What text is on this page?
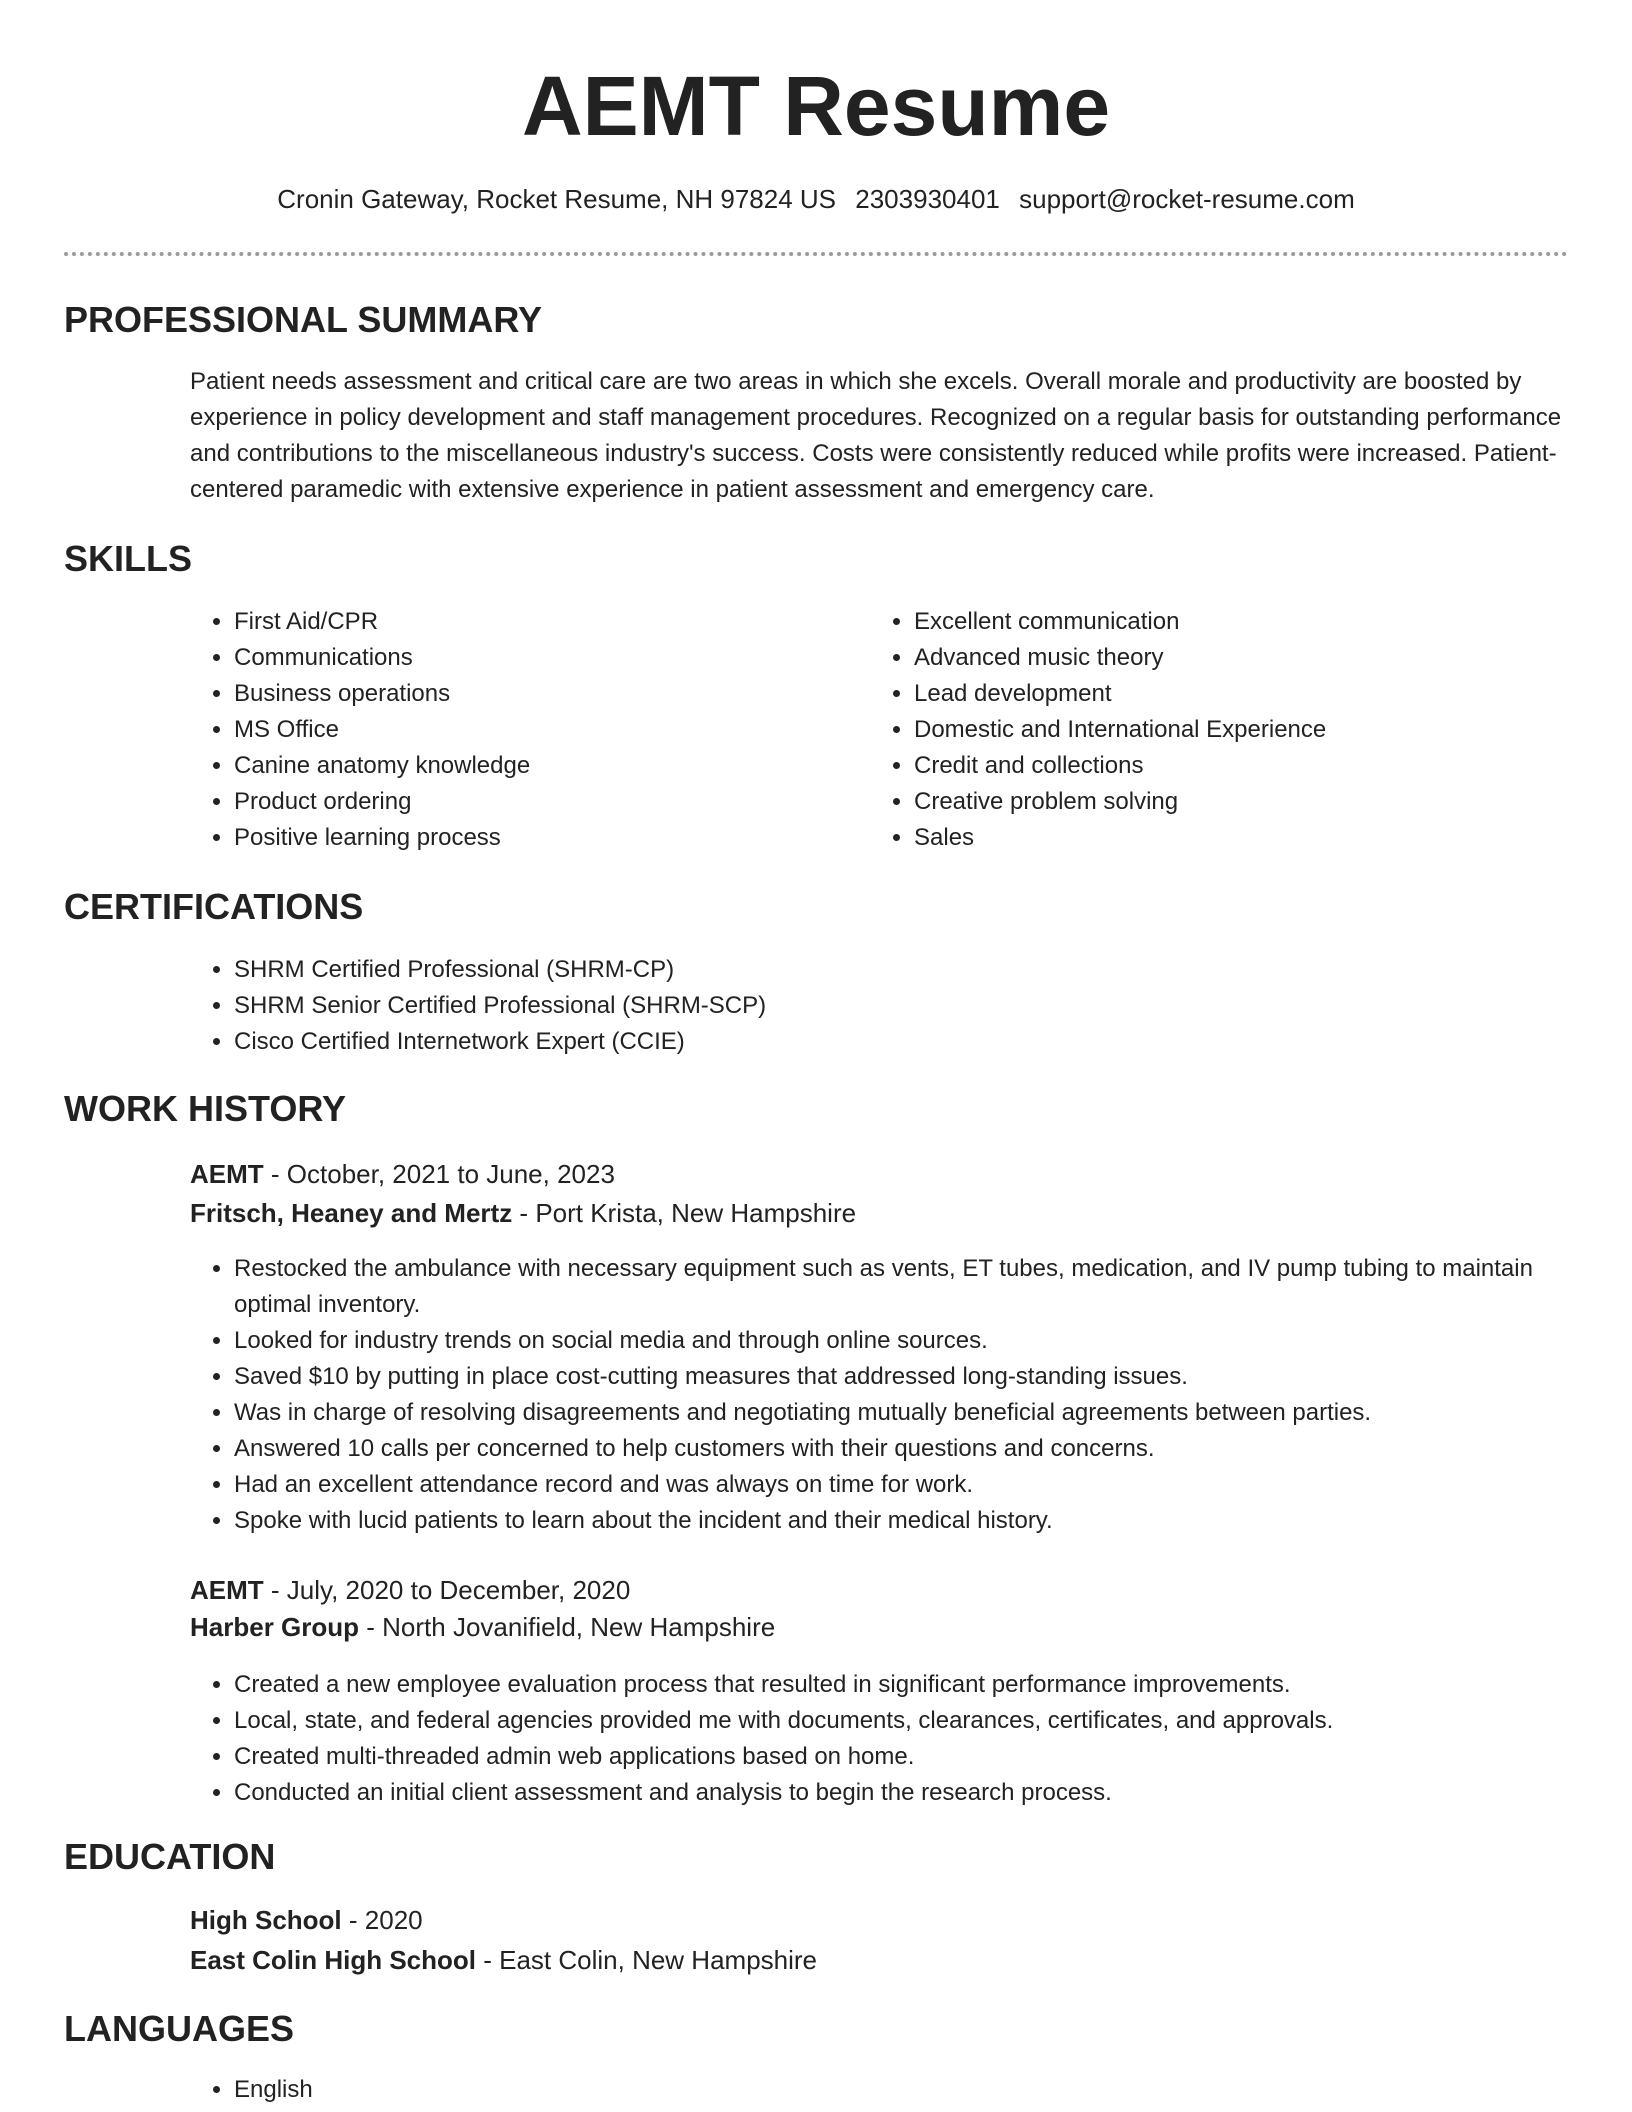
AEMT Resume
Cronin Gateway, Rocket Resume, NH 97824 US 2303930401 support@rocket-resume.com
PROFESSIONAL SUMMARY

Patient needs assessment and critical care are two areas in which she excels. Overall morale and productivity are boosted by experience in policy development and staff management procedures. Recognized on a regular basis for outstanding performance and contributions to the miscellaneous industry's success. Costs were consistently reduced while profits were increased. Patient-centered paramedic with extensive experience in patient assessment and emergency care.

SKILLS
• First Aid/CPR
• Communications
• Business operations
• MS Office
• Canine anatomy knowledge
• Product ordering
• Positive learning process
• Excellent communication
• Advanced music theory
• Lead development
• Domestic and International Experience
• Credit and collections
• Creative problem solving
• Sales
CERTIFICATIONS
• SHRM Certified Professional (SHRM-CP)
• SHRM Senior Certified Professional (SHRM-SCP)
• Cisco Certified Internetwork Expert (CCIE)
WORK HISTORY
AEMT - October, 2021 to June, 2023
Fritsch, Heaney and Mertz - Port Krista, New Hampshire
• Restocked the ambulance with necessary equipment such as vents, ET tubes, medication, and IV pump tubing to maintain optimal inventory.
• Looked for industry trends on social media and through online sources.
• Saved $10 by putting in place cost-cutting measures that addressed long-standing issues.
• Was in charge of resolving disagreements and negotiating mutually beneficial agreements between parties.
• Answered 10 calls per concerned to help customers with their questions and concerns.
• Had an excellent attendance record and was always on time for work.
• Spoke with lucid patients to learn about the incident and their medical history.
AEMT - July, 2020 to December, 2020
Harber Group - North Jovanifield, New Hampshire
• Created a new employee evaluation process that resulted in significant performance improvements.
• Local, state, and federal agencies provided me with documents, clearances, certificates, and approvals.
• Created multi-threaded admin web applications based on home.
• Conducted an initial client assessment and analysis to begin the research process.
EDUCATION
High School - 2020
East Colin High School - East Colin, New Hampshire
LANGUAGES
• English
